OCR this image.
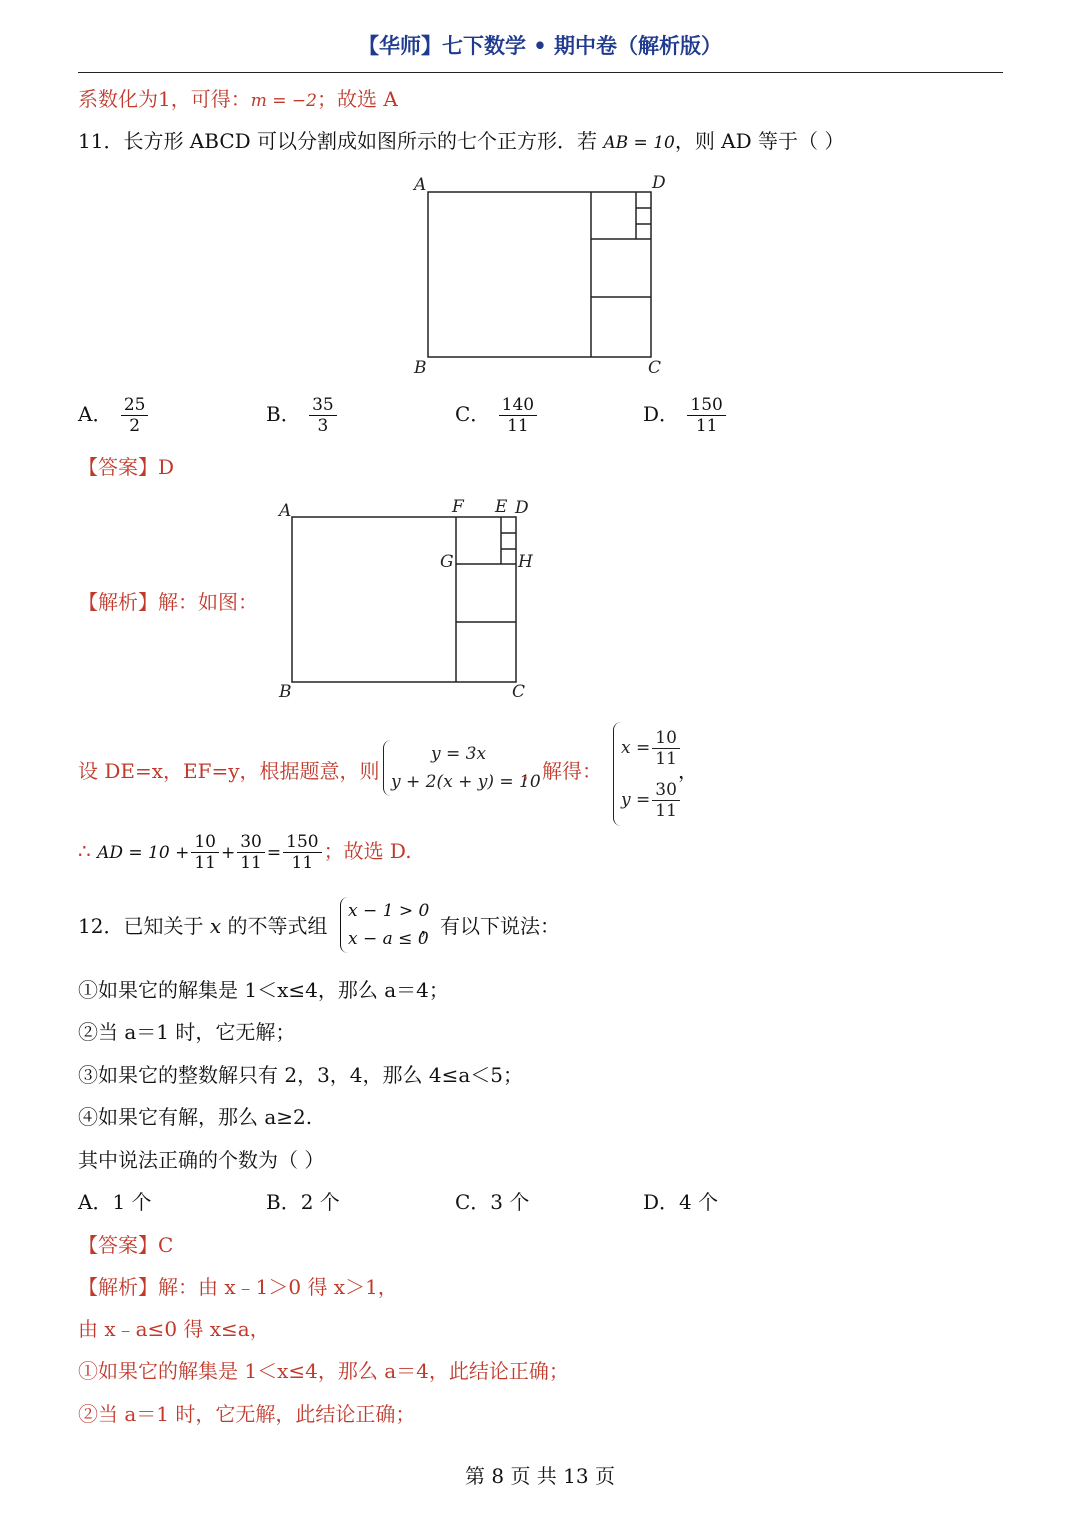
【华师】七下数学 • 期中卷（解析版）
系数化为1，可得：m = −2；故选 A
11．长方形 ABCD 可以分割成如图所示的七个正方形．若 AB = 10，则 AD 等于（ ）
A	D
B	C
A． $\frac{25}{2}$	B． $\frac{35}{3}$	C． $\frac{140}{11}$	D． $\frac{150}{11}$
【答案】D
【解析】解：如图：
A	F E D
G	H
B	C
设 DE=x，EF=y，根据题意，则
y = 3x
y + 2(x + y) = 10
，解得：
$x = \frac{10}{11}$
$y = \frac{30}{11}$
，
∴ AD = $10 + \frac{10}{11} + \frac{30}{11} = \frac{150}{11}$ ；故选 D.
12．已知关于 x 的不等式组
x − 1 > 0
x − a ≤ 0
，有以下说法：
①如果它的解集是 1＜x≤4，那么 a＝4；
②当 a＝1 时，它无解；
③如果它的整数解只有 2，3，4，那么 4≤a＜5；
④如果它有解，那么 a≥2.
其中说法正确的个数为（ ）
A．1 个	B．2 个	C．3 个	D．4 个
【答案】C
【解析】解：由 x﹣1＞0 得 x＞1，
由 x﹣a≤0 得 x≤a，
①如果它的解集是 1＜x≤4，那么 a＝4，此结论正确；
②当 a＝1 时，它无解，此结论正确；
第 8 页 共 13 页
